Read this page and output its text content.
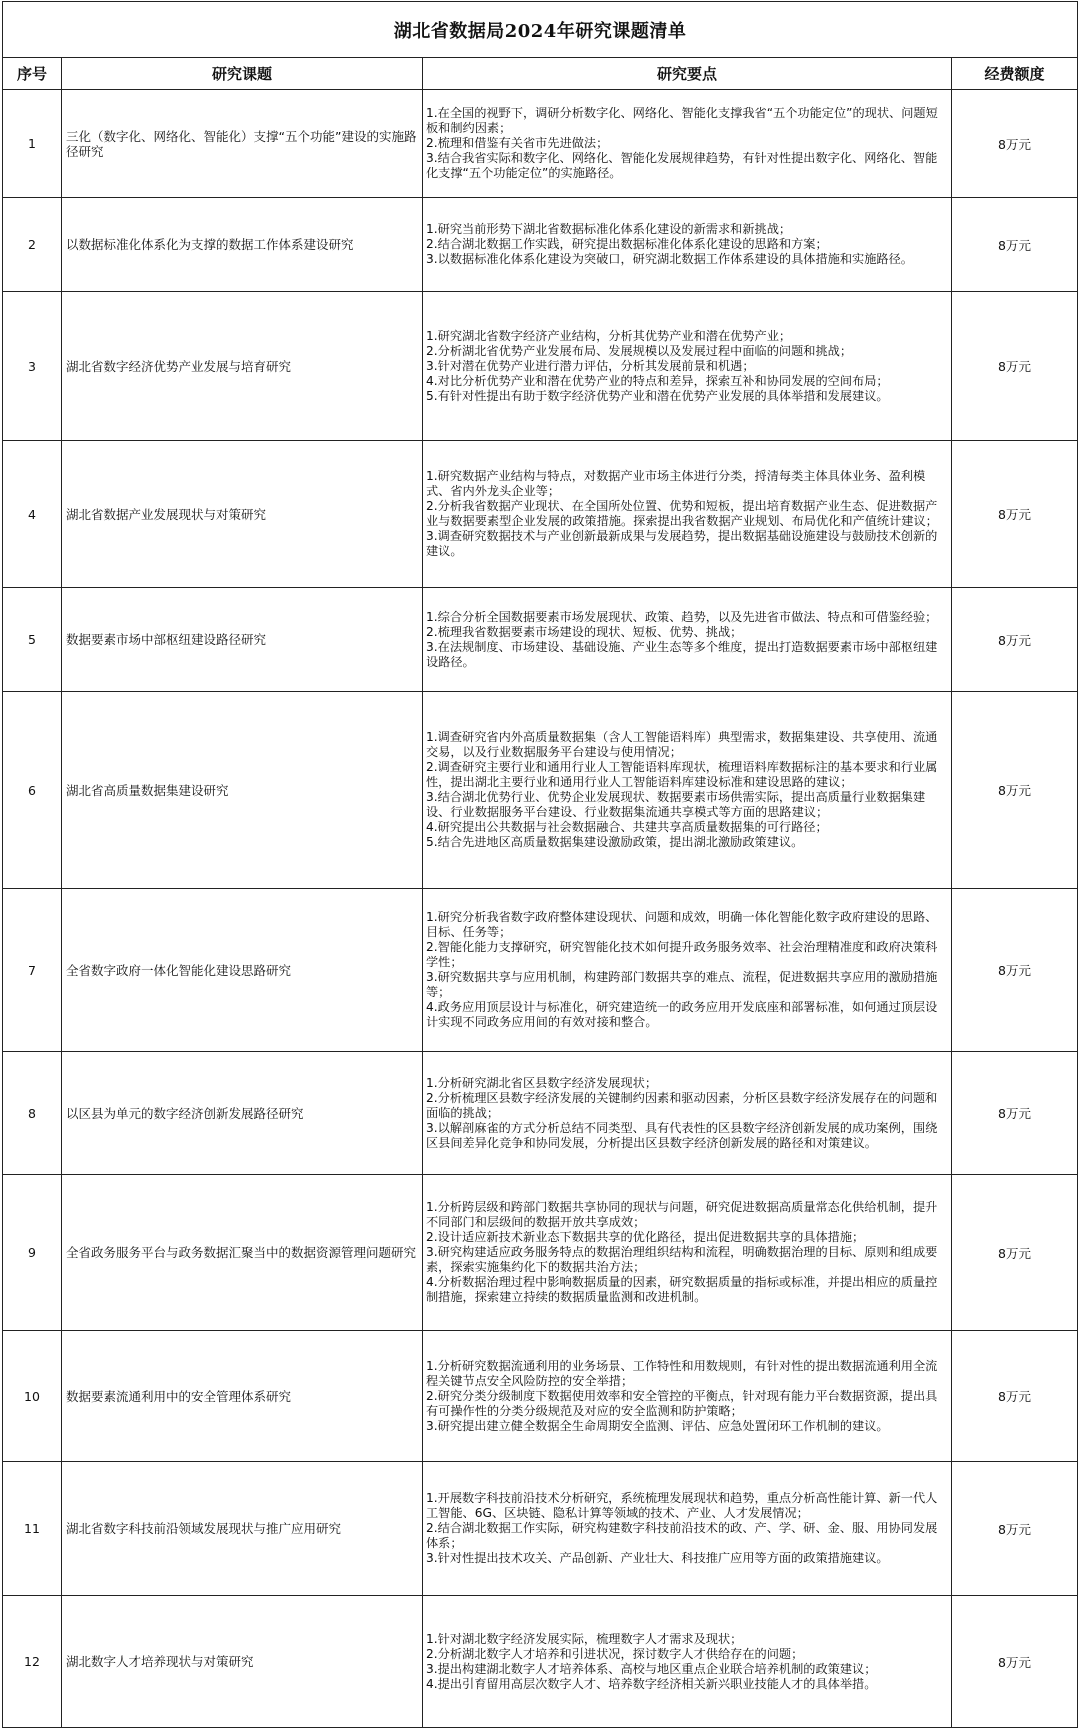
湖北省数据局2024年研究课题清单			
序号	研究课题	研究要点	经费额度
1	三化（数字化、网络化、智能化）支撑“五个功能”建设的实施路径研究	1.在全国的视野下，调研分析数字化、网络化、智能化支撑我省“五个功能定位”的现状、问题短板和制约因素；
2.梳理和借鉴有关省市先进做法；
3.结合我省实际和数字化、网络化、智能化发展规律趋势，有针对性提出数字化、网络化、智能化支撑“五个功能定位”的实施路径。	8万元
2	以数据标准化体系化为支撑的数据工作体系建设研究	1.研究当前形势下湖北省数据标准化体系化建设的新需求和新挑战；
2.结合湖北数据工作实践，研究提出数据标准化体系化建设的思路和方案；
3.以数据标准化体系化建设为突破口，研究湖北数据工作体系建设的具体措施和实施路径。	8万元
3	湖北省数字经济优势产业发展与培育研究	1.研究湖北省数字经济产业结构，分析其优势产业和潜在优势产业；
2.分析湖北省优势产业发展布局、发展规模以及发展过程中面临的问题和挑战；
3.针对潜在优势产业进行潜力评估，分析其发展前景和机遇；
4.对比分析优势产业和潜在优势产业的特点和差异，探索互补和协同发展的空间布局；
5.有针对性提出有助于数字经济优势产业和潜在优势产业发展的具体举措和发展建议。	8万元
4	湖北省数据产业发展现状与对策研究	1.研究数据产业结构与特点，对数据产业市场主体进行分类，捋清每类主体具体业务、盈利模式、省内外龙头企业等；
2.分析我省数据产业现状、在全国所处位置、优势和短板，提出培育数据产业生态、促进数据产业与数据要素型企业发展的政策措施。探索提出我省数据产业规划、布局优化和产值统计建议；
3.调查研究数据技术与产业创新最新成果与发展趋势，提出数据基础设施建设与鼓励技术创新的建议。	8万元
5	数据要素市场中部枢纽建设路径研究	1.综合分析全国数据要素市场发展现状、政策、趋势，以及先进省市做法、特点和可借鉴经验；
2.梳理我省数据要素市场建设的现状、短板、优势、挑战；
3.在法规制度、市场建设、基础设施、产业生态等多个维度，提出打造数据要素市场中部枢纽建设路径。	8万元
6	湖北省高质量数据集建设研究	1.调查研究省内外高质量数据集（含人工智能语料库）典型需求，数据集建设、共享使用、流通交易，以及行业数据服务平台建设与使用情况；
2.调查研究主要行业和通用行业人工智能语料库现状，梳理语料库数据标注的基本要求和行业属性，提出湖北主要行业和通用行业人工智能语料库建设标准和建设思路的建议；
3.结合湖北优势行业、优势企业发展现状、数据要素市场供需实际，提出高质量行业数据集建设、行业数据服务平台建设、行业数据集流通共享模式等方面的思路建议；
4.研究提出公共数据与社会数据融合、共建共享高质量数据集的可行路径；
5.结合先进地区高质量数据集建设激励政策，提出湖北激励政策建议。	8万元
7	全省数字政府一体化智能化建设思路研究	1.研究分析我省数字政府整体建设现状、问题和成效，明确一体化智能化数字政府建设的思路、目标、任务等；
2.智能化能力支撑研究，研究智能化技术如何提升政务服务效率、社会治理精准度和政府决策科学性；
3.研究数据共享与应用机制，构建跨部门数据共享的难点、流程，促进数据共享应用的激励措施等；
4.政务应用顶层设计与标准化，研究建造统一的政务应用开发底座和部署标准，如何通过顶层设计实现不同政务应用间的有效对接和整合。	8万元
8	以区县为单元的数字经济创新发展路径研究	1.分析研究湖北省区县数字经济发展现状；
2.分析梳理区县数字经济发展的关键制约因素和驱动因素，分析区县数字经济发展存在的问题和面临的挑战；
3.以解剖麻雀的方式分析总结不同类型、具有代表性的区县数字经济创新发展的成功案例，围绕区县间差异化竞争和协同发展，分析提出区县数字经济创新发展的路径和对策建议。	8万元
9	全省政务服务平台与政务数据汇聚当中的数据资源管理问题研究	1.分析跨层级和跨部门数据共享协同的现状与问题，研究促进数据高质量常态化供给机制，提升不同部门和层级间的数据开放共享成效；
2.设计适应新技术新业态下数据共享的优化路径，提出促进数据共享的具体措施；
3.研究构建适应政务服务特点的数据治理组织结构和流程，明确数据治理的目标、原则和组成要素，探索实施集约化下的数据共治方法；
4.分析数据治理过程中影响数据质量的因素，研究数据质量的指标或标准，并提出相应的质量控制措施，探索建立持续的数据质量监测和改进机制。	8万元
10	数据要素流通利用中的安全管理体系研究	1.分析研究数据流通利用的业务场景、工作特性和用数规则，有针对性的提出数据流通利用全流程关键节点安全风险防控的安全举措；
2.研究分类分级制度下数据使用效率和安全管控的平衡点，针对现有能力平台数据资源，提出具有可操作性的分类分级规范及对应的安全监测和防护策略；
3.研究提出建立健全数据全生命周期安全监测、评估、应急处置闭环工作机制的建议。	8万元
11	湖北省数字科技前沿领域发展现状与推广应用研究	1.开展数字科技前沿技术分析研究，系统梳理发展现状和趋势，重点分析高性能计算、新一代人工智能、6G、区块链、隐私计算等领域的技术、产业、人才发展情况；
2.结合湖北数据工作实际，研究构建数字科技前沿技术的政、产、学、研、金、服、用协同发展体系；
3.针对性提出技术攻关、产品创新、产业壮大、科技推广应用等方面的政策措施建议。	8万元
12	湖北数字人才培养现状与对策研究	1.针对湖北数字经济发展实际，梳理数字人才需求及现状；
2.分析湖北数字人才培养和引进状况，探讨数字人才供给存在的问题；
3.提出构建湖北数字人才培养体系、高校与地区重点企业联合培养机制的政策建议；
4.提出引育留用高层次数字人才、培养数字经济相关新兴职业技能人才的具体举措。	8万元
